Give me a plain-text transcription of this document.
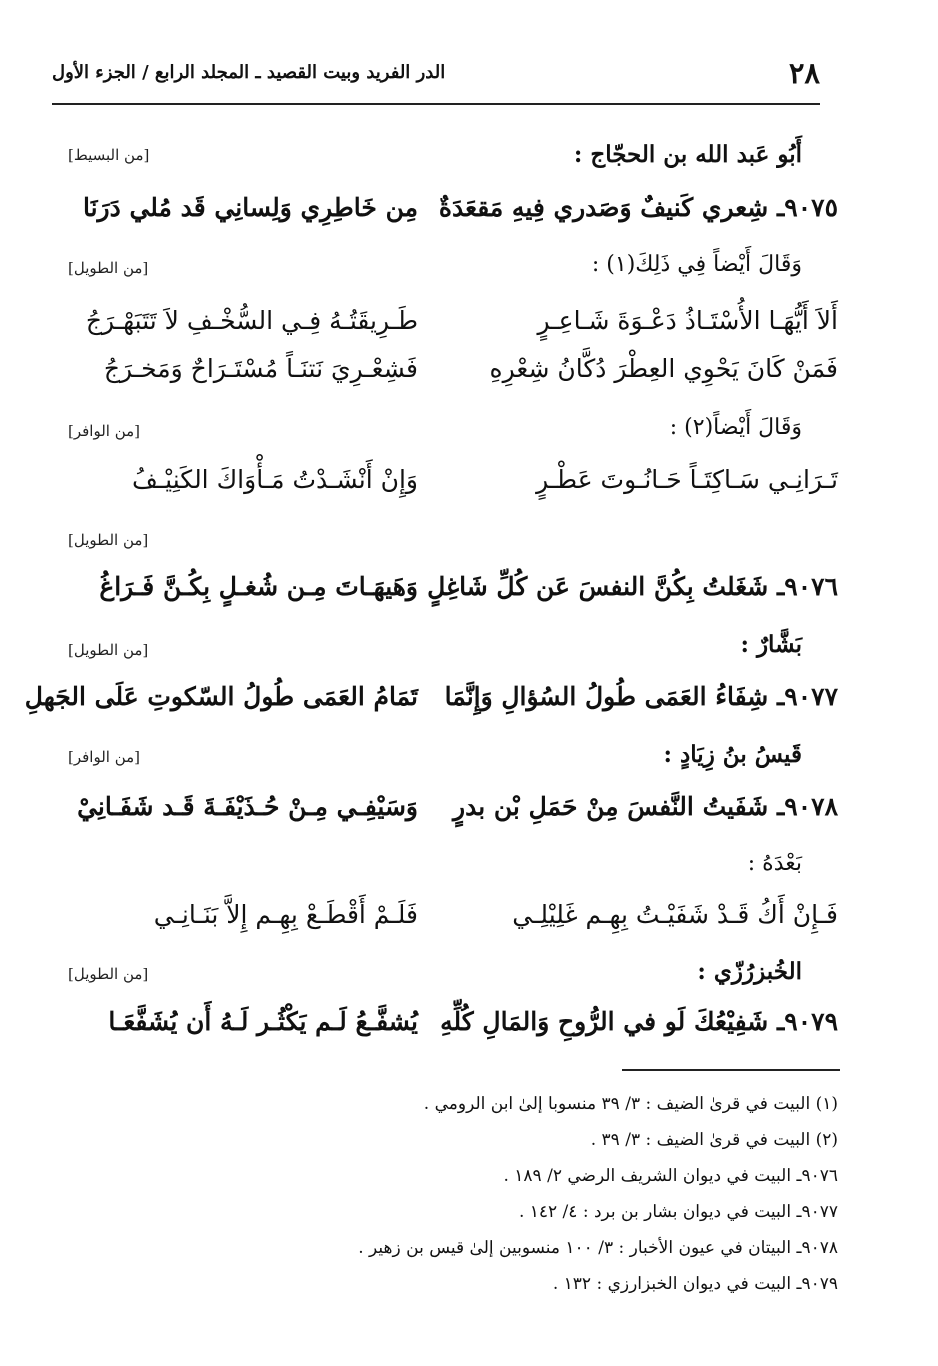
٢٨
الدر الفريد وبيت القصيد ـ المجلد الرابع / الجزء الأول
أَبُو عَبد الله بن الحجّاج :
[من البسيط]
٩٠٧٥ـ شِعري كَنيفٌ وَصَدري فِيهِ مَقعَدَةٌ
مِن خَاطِرِي وَلِسانِي قَد مُلي دَرَنَا
وَقَالَ أَيْضاً فِي ذَلِكَ(١) :
[من الطويل]
أَلاَ أَيُّهَـا الأُسْتَـاذُ دَعْـوَةَ شَـاعِـرٍ
طَـرِيقَتُـهُ فِـي السُّخْـفِ لاَ تَتَبَهْـرَجُ
فَمَنْ كَانَ يَحْوِي العِطْرَ دُكَّانُ شِعْرِهِ
فَشِعْـرِيَ نَتنَـاً مُسْتَـرَاحٌ وَمَخـرَجُ
وَقَالَ أَيْضاً(٢) :
[من الوافر]
تَـرَانِـي سَـاكِتَـاً حَـانُـوتَ عَطْـرٍ
وَإِنْ أَنْشَـدْتُ مَـأْوَاكَ الكَنِيْـفُ
[من الطويل]
٩٠٧٦ـ شَغَلتُ بِكُنَّ النفسَ عَن كُلِّ شَاغِلٍ
وَهَيهَـاتَ مِـن شُغـلٍ بِكُـنَّ فَـرَاغُ
بَشَّارٌ :
[من الطويل]
٩٠٧٧ـ شِفَاءُ العَمَى طُولُ السُؤالِ وَإِنَّمَا
تَمَامُ العَمَى طُولُ السّكوتِ عَلَى الجَهلِ
قَيسُ بنُ زِيَادٍ :
[من الوافر]
٩٠٧٨ـ شَفَيتُ النَّفسَ مِنْ حَمَلِ بْن بدرٍ
وَسَيْفِـي مِـنْ حُـذَيْفَـةَ قَـد شَفَـانِيْ
بَعْدَهُ :
فَـإِنْ أَكُ قَـدْ شَفَيْـتُ بِهِـم غَلِيْلِـي
فَلَـمْ أَقْطَـعْ بِهِـم إِلاَّ بَنَـانِـي
الخُبزرُزّي :
[من الطويل]
٩٠٧٩ـ شَفِيْعُكَ لَو في الرُّوحِ وَالمَالِ كُلِّهِ
يُشفَّـعُ لَـم يَكْثُـر لَـهُ أَن يُشَفَّعَـا
(١) البيت في قرىٰ الضيف : ٣/ ٣٩ منسوبا إلىٰ ابن الرومي .
(٢) البيت في قرىٰ الضيف : ٣/ ٣٩ .
٩٠٧٦ـ البيت في ديوان الشريف الرضي ٢/ ١٨٩ .
٩٠٧٧ـ البيت في ديوان بشار بن برد : ٤/ ١٤٢ .
٩٠٧٨ـ البيتان في عيون الأخبار : ٣/ ١٠٠ منسوبين إلىٰ قيس بن زهير .
٩٠٧٩ـ البيت في ديوان الخبزارزي : ١٣٢ .
